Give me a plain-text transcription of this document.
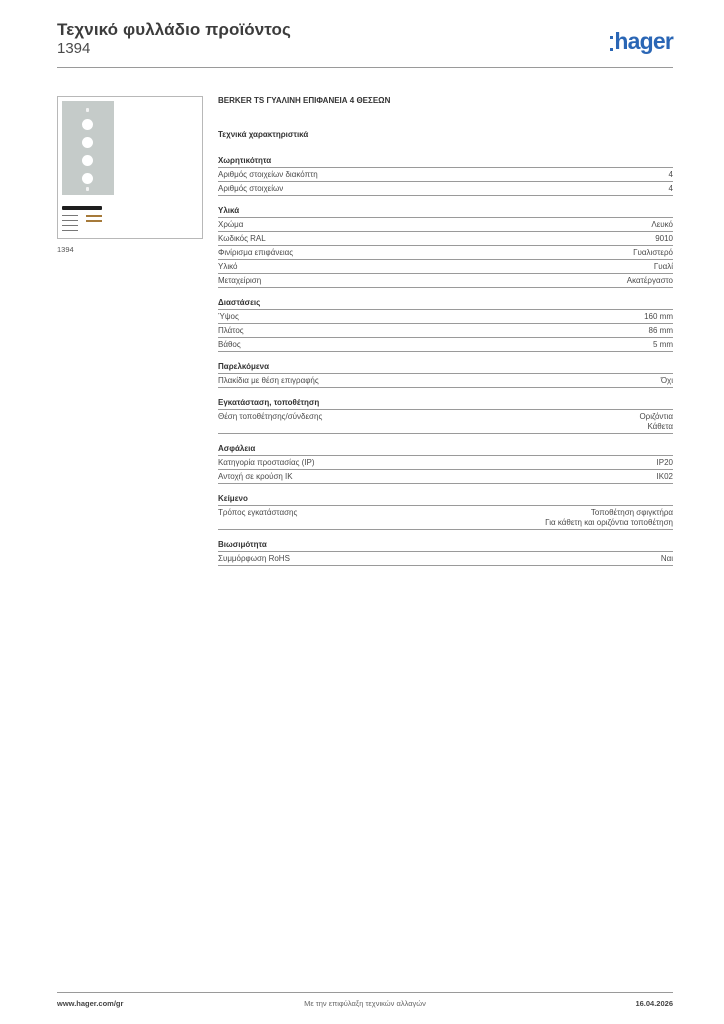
Τεχνικό φυλλάδιο προϊόντος
1394	hager
1394
BERKER TS ΓΥΑΛΙΝΗ ΕΠΙΦΑΝΕΙΑ 4 ΘΕΣΕΩΝ
Τεχνικά χαρακτηριστικά
Χωρητικότητα
Αριθμός στοιχείων διακόπτη	4
Αριθμός στοιχείων	4
Υλικά
Χρώμα	Λευκό
Κωδικός RAL	9010
Φινίρισμα επιφάνειας	Γυαλιστερό
Υλικό	Γυαλί
Μεταχείριση	Ακατέργαστο
Διαστάσεις
Ύψος	160 mm
Πλάτος	86 mm
Βάθος	5 mm
Παρελκόμενα
Πλακίδια με θέση επιγραφής	Όχι
Εγκατάσταση, τοποθέτηση
Θέση τοποθέτησης/σύνδεσης	Οριζόντια
Κάθετα
Ασφάλεια
Κατηγορία προστασίας (IP)	IP20
Αντοχή σε κρούση IK	IK02
Κείμενο
Τρόπος εγκατάστασης	Τοποθέτηση σφιγκτήρα
Για κάθετη και οριζόντια τοποθέτηση
Βιωσιμότητα
Συμμόρφωση RoHS	Ναι
www.hager.com/gr	Με την επιφύλαξη τεχνικών αλλαγών	16.04.2026
